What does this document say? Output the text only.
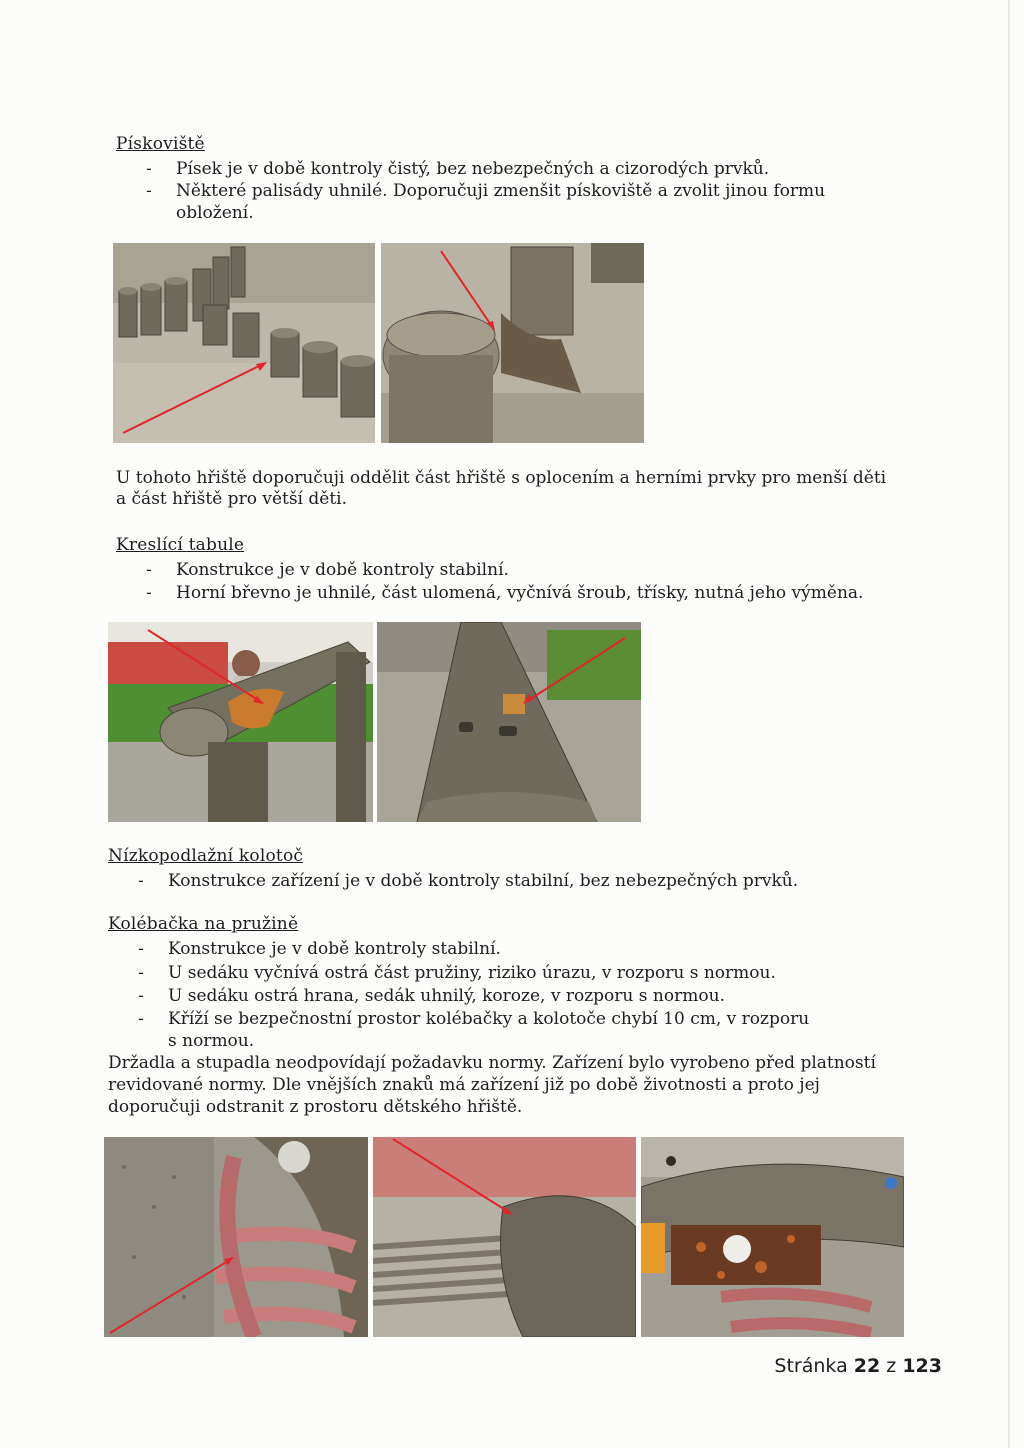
Pískoviště
- Písek je v době kontroly čistý, bez nebezpečných a cizorodých prvků.
- Některé palisády uhnilé. Doporučuji zmenšit pískoviště a zvolit jinou formu
obložení.
U tohoto hřiště doporučuji oddělit část hřiště s oplocením a herními prvky pro menší děti
a část hřiště pro větší děti.
Kreslící tabule
- Konstrukce je v době kontroly stabilní.
- Horní břevno je uhnilé, část ulomená, vyčnívá šroub, třísky, nutná jeho výměna.
Nízkopodlažní kolotoč
- Konstrukce zařízení je v době kontroly stabilní, bez nebezpečných prvků.
Kolébačka na pružině
- Konstrukce je v době kontroly stabilní.
- U sedáku vyčnívá ostrá část pružiny, riziko úrazu, v rozporu s normou.
- U sedáku ostrá hrana, sedák uhnilý, koroze, v rozporu s normou.
- Kříží se bezpečnostní prostor kolébačky a kolotoče chybí 10 cm, v rozporu
s normou.
Držadla a stupadla neodpovídají požadavku normy. Zařízení bylo vyrobeno před platností
revidované normy. Dle vnějších znaků má zařízení již po době životnosti a proto jej
doporučuji odstranit z prostoru dětského hřiště.
Stránka 22 z 123
